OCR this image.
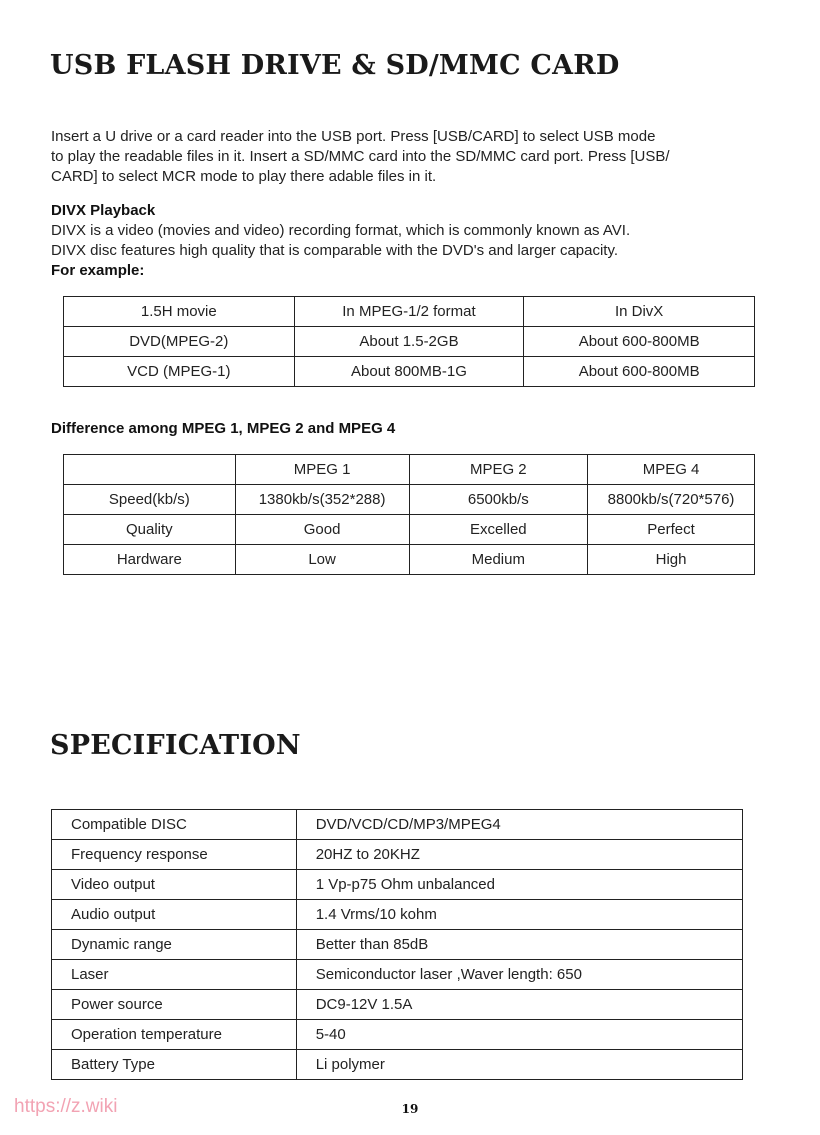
USB FLASH DRIVE & SD/MMC CARD
Insert a U drive or a card reader into the USB port. Press [USB/CARD] to select USB mode
to play the readable files in it. Insert a SD/MMC card into the SD/MMC card port. Press [USB/
CARD] to select MCR mode to play there adable files in it.
DIVX Playback
DIVX is a video (movies and video) recording format, which is commonly known as AVI.
DIVX disc features high quality that is comparable with the DVD's and larger capacity.
For example:
1.5H movie	In MPEG-1/2 format	In DivX
DVD(MPEG-2)	About 1.5-2GB	About 600-800MB
VCD (MPEG-1)	About 800MB-1G	About 600-800MB
Difference among MPEG 1, MPEG 2 and MPEG 4
	MPEG 1	MPEG 2	MPEG 4
Speed(kb/s)	1380kb/s(352*288)	6500kb/s	8800kb/s(720*576)
Quality	Good	Excelled	Perfect
Hardware	Low	Medium	High
SPECIFICATION
Compatible DISC	DVD/VCD/CD/MP3/MPEG4
Frequency response	20HZ to 20KHZ
Video output	1 Vp-p75 Ohm unbalanced
Audio output	1.4 Vrms/10 kohm
Dynamic range	Better than 85dB
Laser	Semiconductor laser ,Waver length: 650
Power source	DC9-12V 1.5A
Operation temperature	5-40
Battery Type	Li polymer
https://z.wiki	19
